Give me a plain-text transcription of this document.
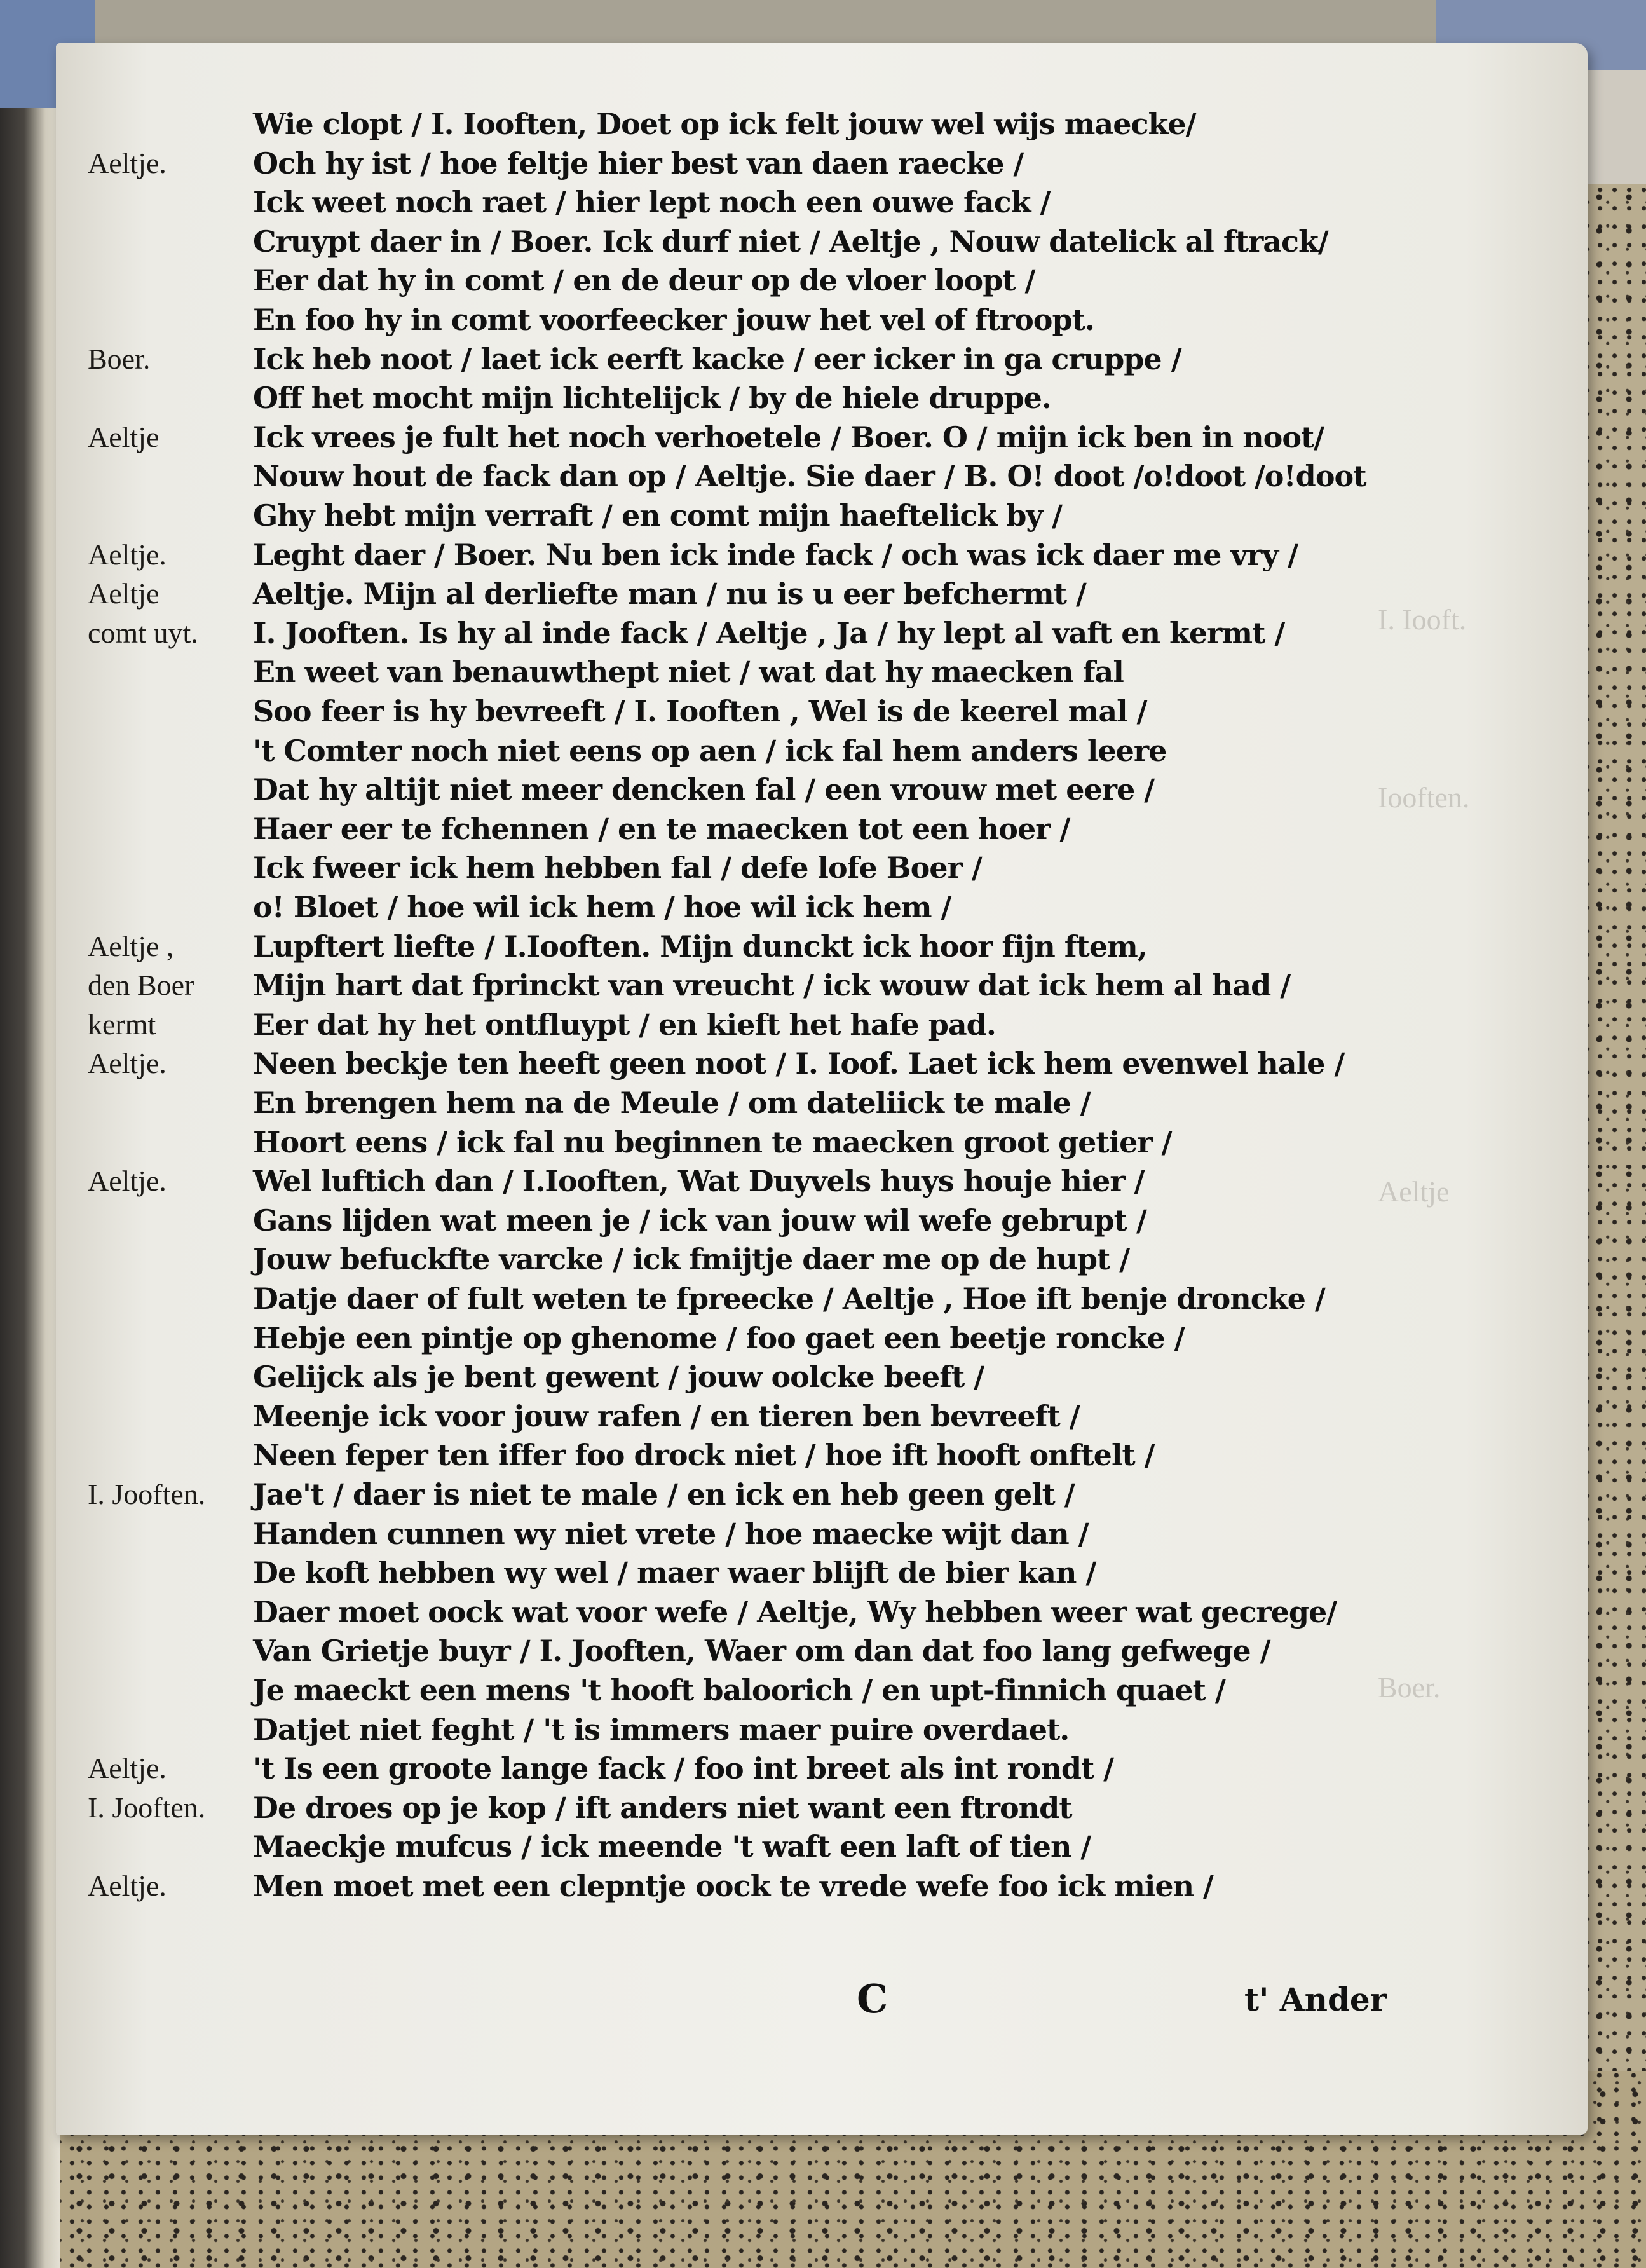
I. Iooft.
Iooften.
Aeltje
Boer.
Wie clopt / I. Iooften, Doet op ick felt jouw wel wijs maecke/
Aeltje.	Och hy ist / hoe feltje hier best van daen raecke /
Ick weet noch raet / hier lept noch een ouwe fack /
Cruypt daer in / Boer. Ick durf niet / Aeltje , Nouw datelick al ftrack/
Eer dat hy in comt / en de deur op de vloer loopt /
En foo hy in comt voorfeecker jouw het vel of ftroopt.
Boer.	Ick heb noot / laet ick eerft kacke / eer icker in ga cruppe /
Off het mocht mijn lichtelijck / by de hiele druppe.
Aeltje	Ick vrees je fult het noch verhoetele / Boer. O / mijn ick ben in noot/
Nouw hout de fack dan op / Aeltje. Sie daer / B. O! doot /o!doot /o!doot
Ghy hebt mijn verraft / en comt mijn haeftelick by /
Aeltje.	Leght daer / Boer. Nu ben ick inde fack / och was ick daer me vry /
Aeltje	Aeltje. Mijn al derliefte man / nu is u eer befchermt /
comt uyt.	I. Jooften. Is hy al inde fack / Aeltje , Ja / hy lept al vaft en kermt /
En weet van benauwthept niet / wat dat hy maecken fal
Soo feer is hy bevreeft / I. Iooften , Wel is de keerel mal /
't Comter noch niet eens op aen / ick fal hem anders leere
Dat hy altijt niet meer dencken fal / een vrouw met eere /
Haer eer te fchennen / en te maecken tot een hoer /
Ick fweer ick hem hebben fal / defe lofe Boer /
o! Bloet / hoe wil ick hem / hoe wil ick hem /
Aeltje ,	Lupftert liefte / I.Iooften. Mijn dunckt ick hoor fijn ftem,
den Boer	Mijn hart dat fprinckt van vreucht / ick wouw dat ick hem al had /
kermt	Eer dat hy het ontfluypt / en kieft het hafe pad.
Aeltje.	Neen beckje ten heeft geen noot / I. Ioof. Laet ick hem evenwel hale /
En brengen hem na de Meule / om dateliick te male /
Hoort eens / ick fal nu beginnen te maecken groot getier /
Aeltje.	Wel luftich dan / I.Iooften, Wat Duyvels huys houje hier /
Gans lijden wat meen je / ick van jouw wil wefe gebrupt /
Jouw befuckfte varcke / ick fmijtje daer me op de hupt /
Datje daer of fult weten te fpreecke / Aeltje , Hoe ift benje droncke /
Hebje een pintje op ghenome / foo gaet een beetje roncke /
Gelijck als je bent gewent / jouw oolcke beeft /
Meenje ick voor jouw rafen / en tieren ben bevreeft /
Neen feper ten iffer foo drock niet / hoe ift hooft onftelt /
I. Jooften.	Jae't / daer is niet te male / en ick en heb geen gelt /
Handen cunnen wy niet vrete / hoe maecke wijt dan /
De koft hebben wy wel / maer waer blijft de bier kan /
Daer moet oock wat voor wefe / Aeltje, Wy hebben weer wat gecrege/
Van Grietje buyr / I. Jooften, Waer om dan dat foo lang gefwege /
Je maeckt een mens 't hooft baloorich / en upt-finnich quaet /
Datjet niet feght / 't is immers maer puire overdaet.
Aeltje.	't Is een groote lange fack / foo int breet als int rondt /
I. Jooften.	De droes op je kop / ift anders niet want een ftrondt
Maeckje mufcus / ick meende 't waft een laft of tien /
Aeltje.	Men moet met een clepntje oock te vrede wefe foo ick mien /
C	t' Ander
